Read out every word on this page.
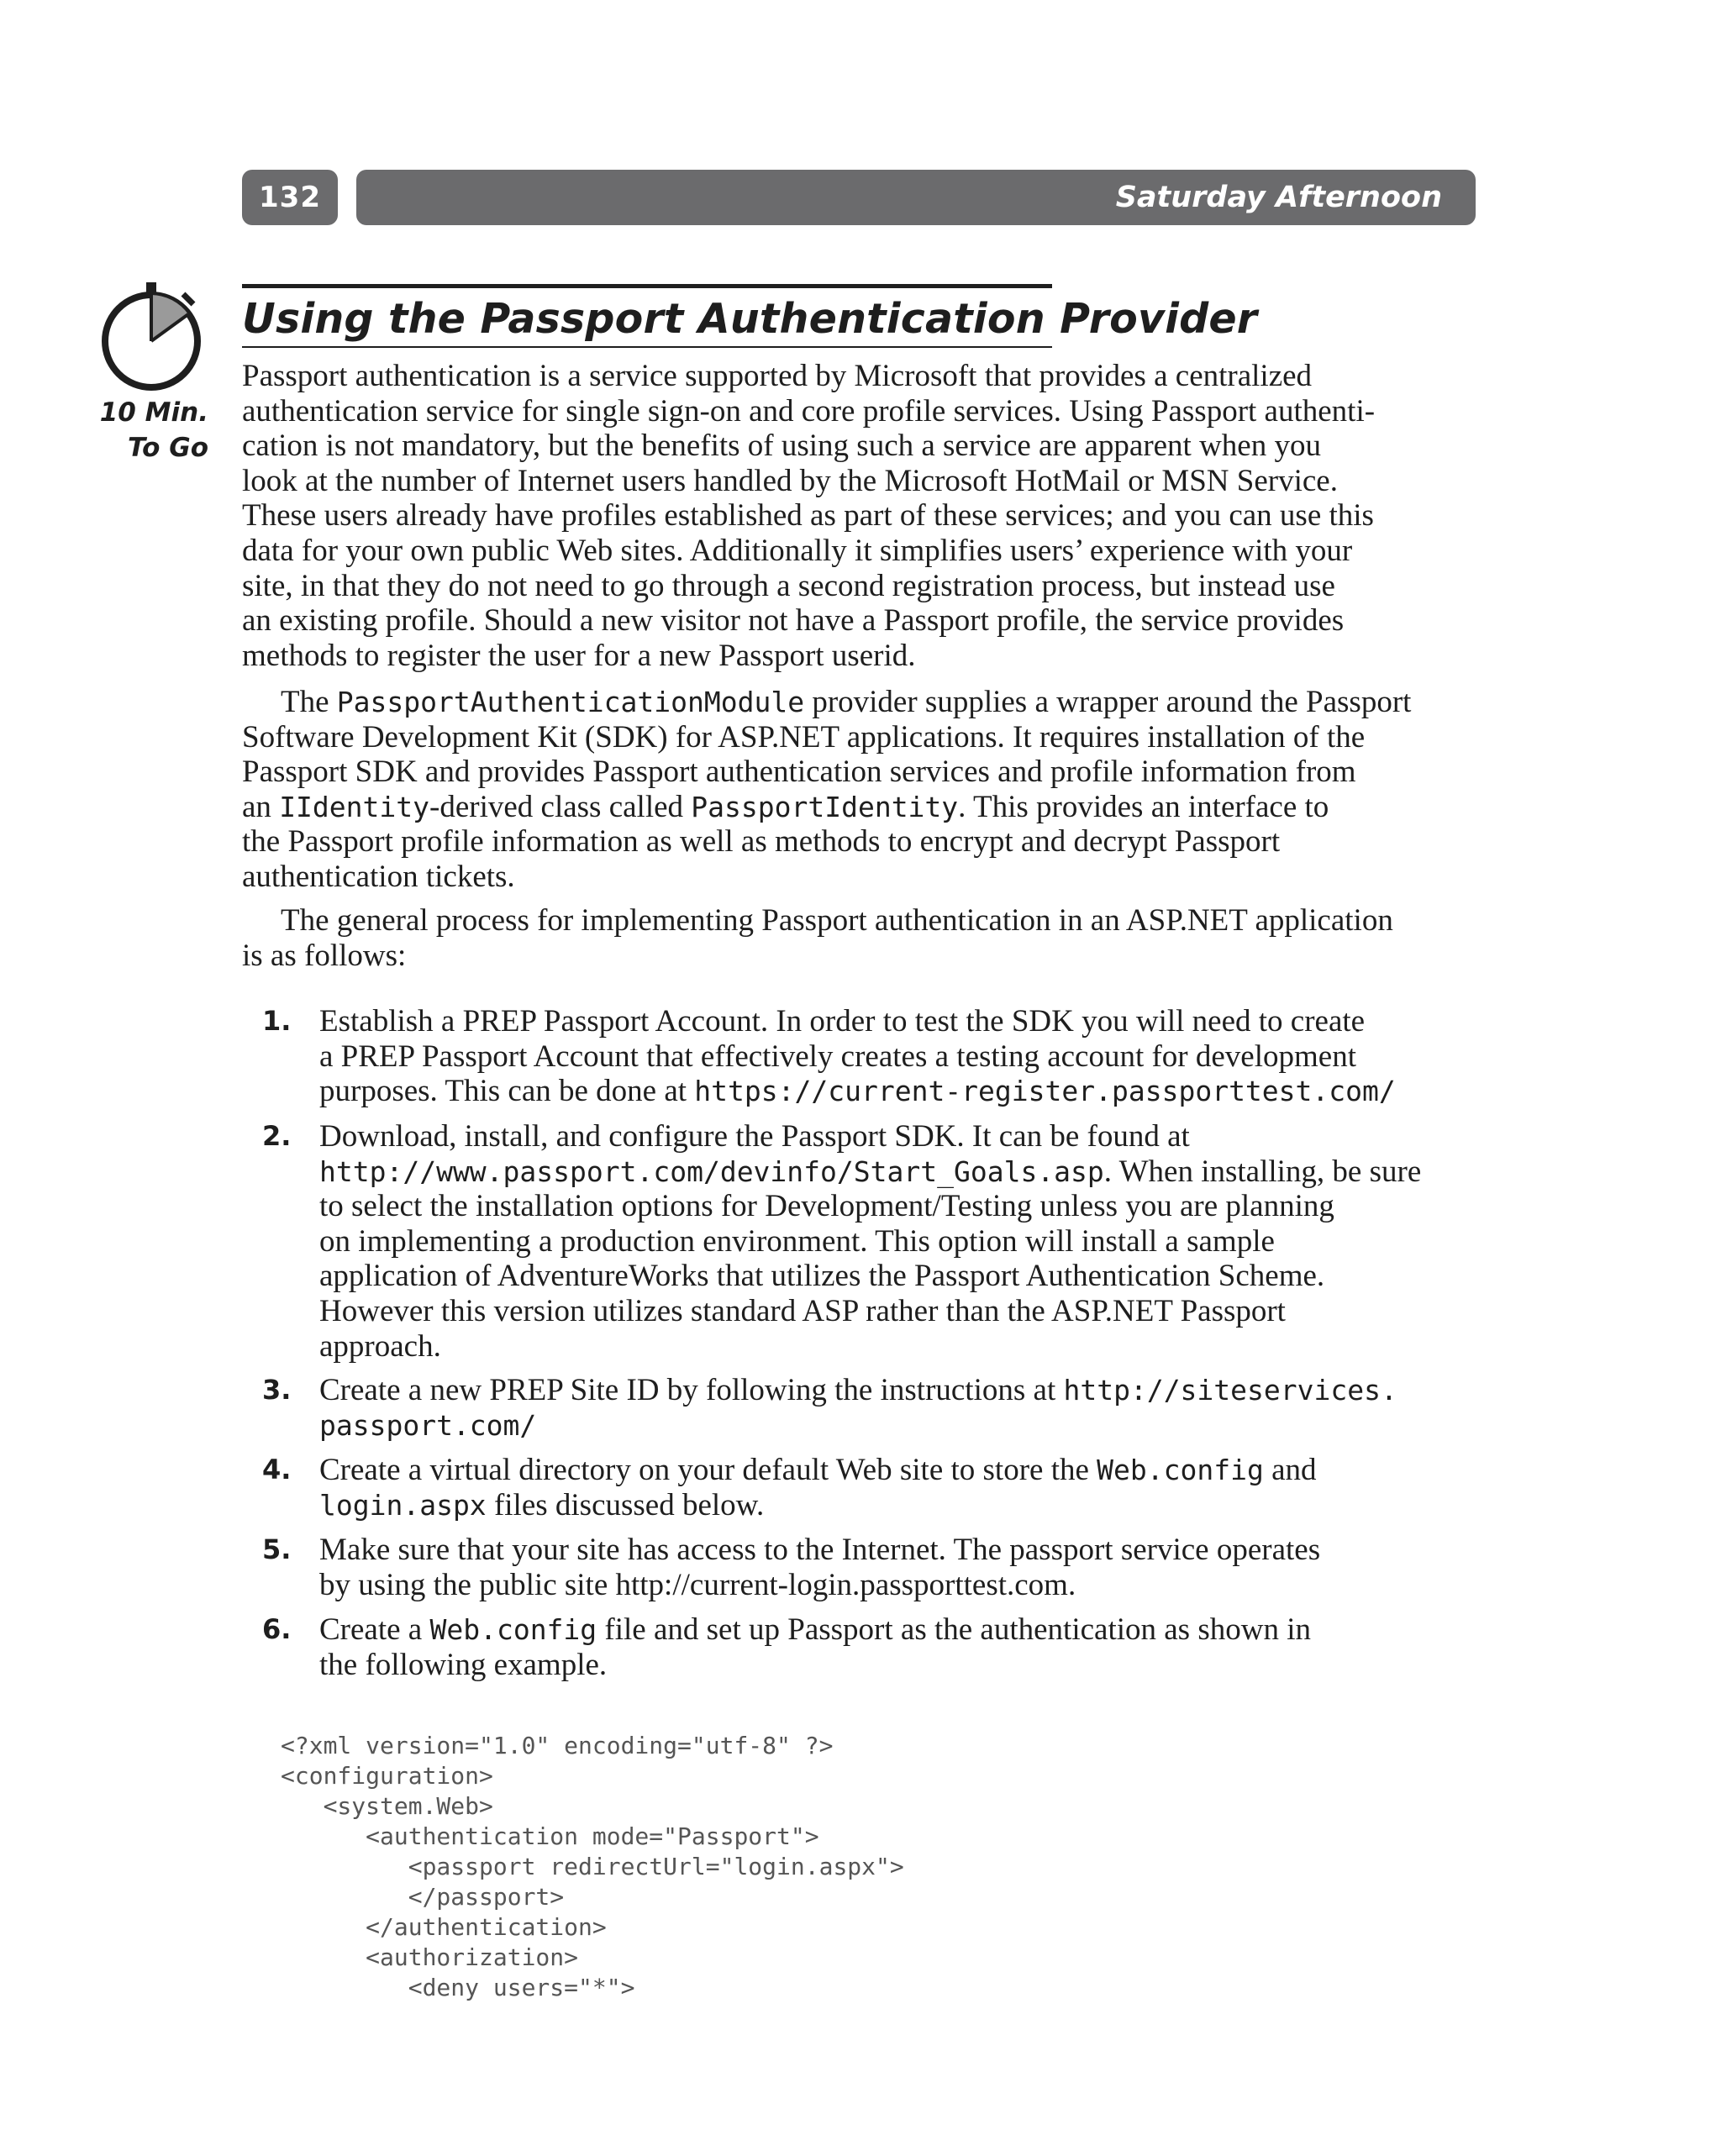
132	Saturday Afternoon
10 Min.
To Go
Using the Passport Authentication Provider
Passport authentication is a service supported by Microsoft that provides a centralized
authentication service for single sign-on and core profile services. Using Passport authenti-
cation is not mandatory, but the benefits of using such a service are apparent when you
look at the number of Internet users handled by the Microsoft HotMail or MSN Service.
These users already have profiles established as part of these services; and you can use this
data for your own public Web sites. Additionally it simplifies users’ experience with your
site, in that they do not need to go through a second registration process, but instead use
an existing profile. Should a new visitor not have a Passport profile, the service provides
methods to register the user for a new Passport userid.
The PassportAuthenticationModule provider supplies a wrapper around the Passport
Software Development Kit (SDK) for ASP.NET applications. It requires installation of the
Passport SDK and provides Passport authentication services and profile information from
an IIdentity-derived class called PassportIdentity. This provides an interface to
the Passport profile information as well as methods to encrypt and decrypt Passport
authentication tickets.
The general process for implementing Passport authentication in an ASP.NET application
is as follows:
1. Establish a PREP Passport Account. In order to test the SDK you will need to create
a PREP Passport Account that effectively creates a testing account for development
purposes. This can be done at https://current-register.passporttest.com/
2. Download, install, and configure the Passport SDK. It can be found at
http://www.passport.com/devinfo/Start_Goals.asp. When installing, be sure
to select the installation options for Development/Testing unless you are planning
on implementing a production environment. This option will install a sample
application of AdventureWorks that utilizes the Passport Authentication Scheme.
However this version utilizes standard ASP rather than the ASP.NET Passport
approach.
3. Create a new PREP Site ID by following the instructions at http://siteservices.
passport.com/
4. Create a virtual directory on your default Web site to store the Web.config and
login.aspx files discussed below.
5. Make sure that your site has access to the Internet. The passport service operates
by using the public site http://current-login.passporttest.com.
6. Create a Web.config file and set up Passport as the authentication as shown in
the following example.
<?xml version="1.0" encoding="utf-8" ?>
<configuration>
<system.Web>
<authentication mode="Passport">
<passport redirectUrl="login.aspx">
</passport>
</authentication>
<authorization>
<deny users="*">
